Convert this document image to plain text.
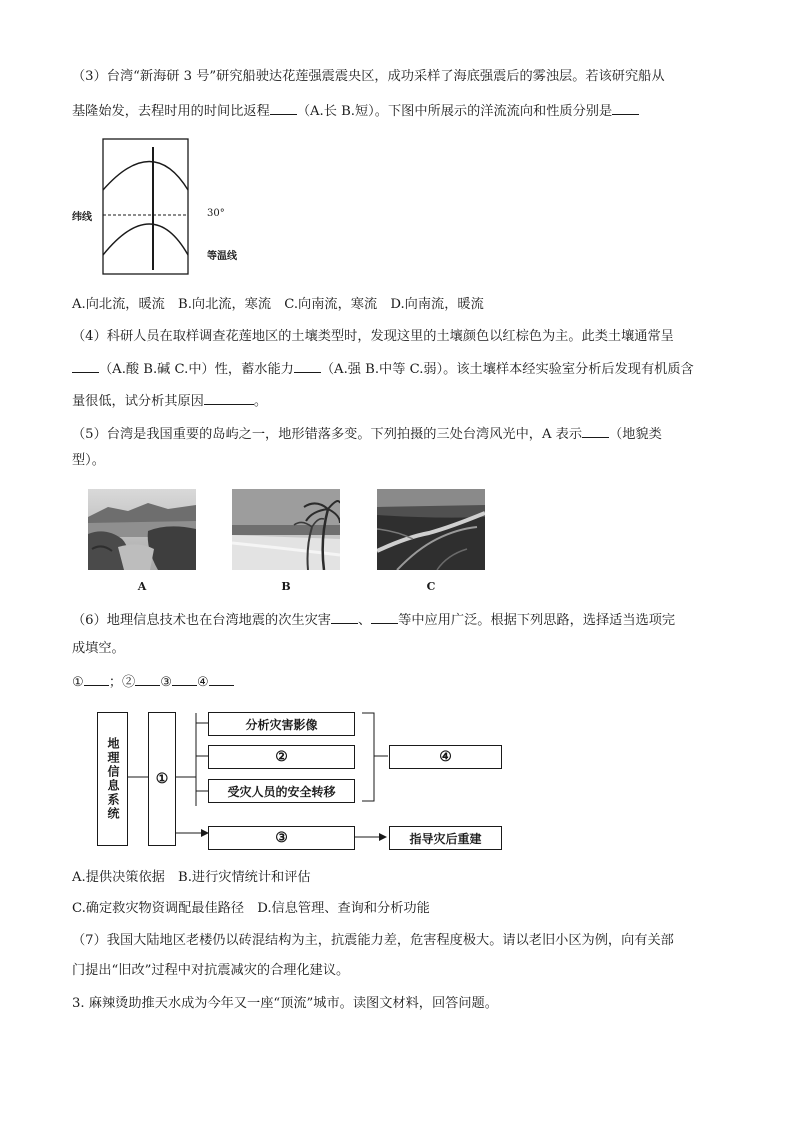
（3）台湾“新海研 3 号”研究船驶达花莲强震震央区，成功采样了海底强震后的雾浊层。若该研究船从
基隆始发，去程时用的时间比返程 （A.长 B.短）。下图中所展示的洋流流向和性质分别是
纬线	30°
等温线
A.向北流，暖流　B.向北流，寒流　C.向南流，寒流　D.向南流，暖流
（4）科研人员在取样调查花莲地区的土壤类型时，发现这里的土壤颜色以红棕色为主。此类土壤通常呈
（A.酸 B.碱 C.中）性，蓄水能力 （A.强 B.中等 C.弱）。该土壤样本经实验室分析后发现有机质含
量很低，试分析其原因	。
（5）台湾是我国重要的岛屿之一，地形错落多变。下列拍摄的三处台湾风光中，A 表示 （地貌类
型）。
A	B	C
（6）地理信息技术也在台湾地震的次生灾害 、 等中应用广泛。根据下列思路，选择适当选项完
成填空。
① ；② ③ ④
地理信息系统	①
分析灾害影像
②
受灾人员的安全转移
④
③	指导灾后重建
A.提供决策依据　B.进行灾情统计和评估
C.确定救灾物资调配最佳路径　D.信息管理、查询和分析功能
（7）我国大陆地区老楼仍以砖混结构为主，抗震能力差，危害程度极大。请以老旧小区为例，向有关部
门提出“旧改”过程中对抗震减灾的合理化建议。
3. 麻辣烫助推天水成为今年又一座“顶流”城市。读图文材料，回答问题。
